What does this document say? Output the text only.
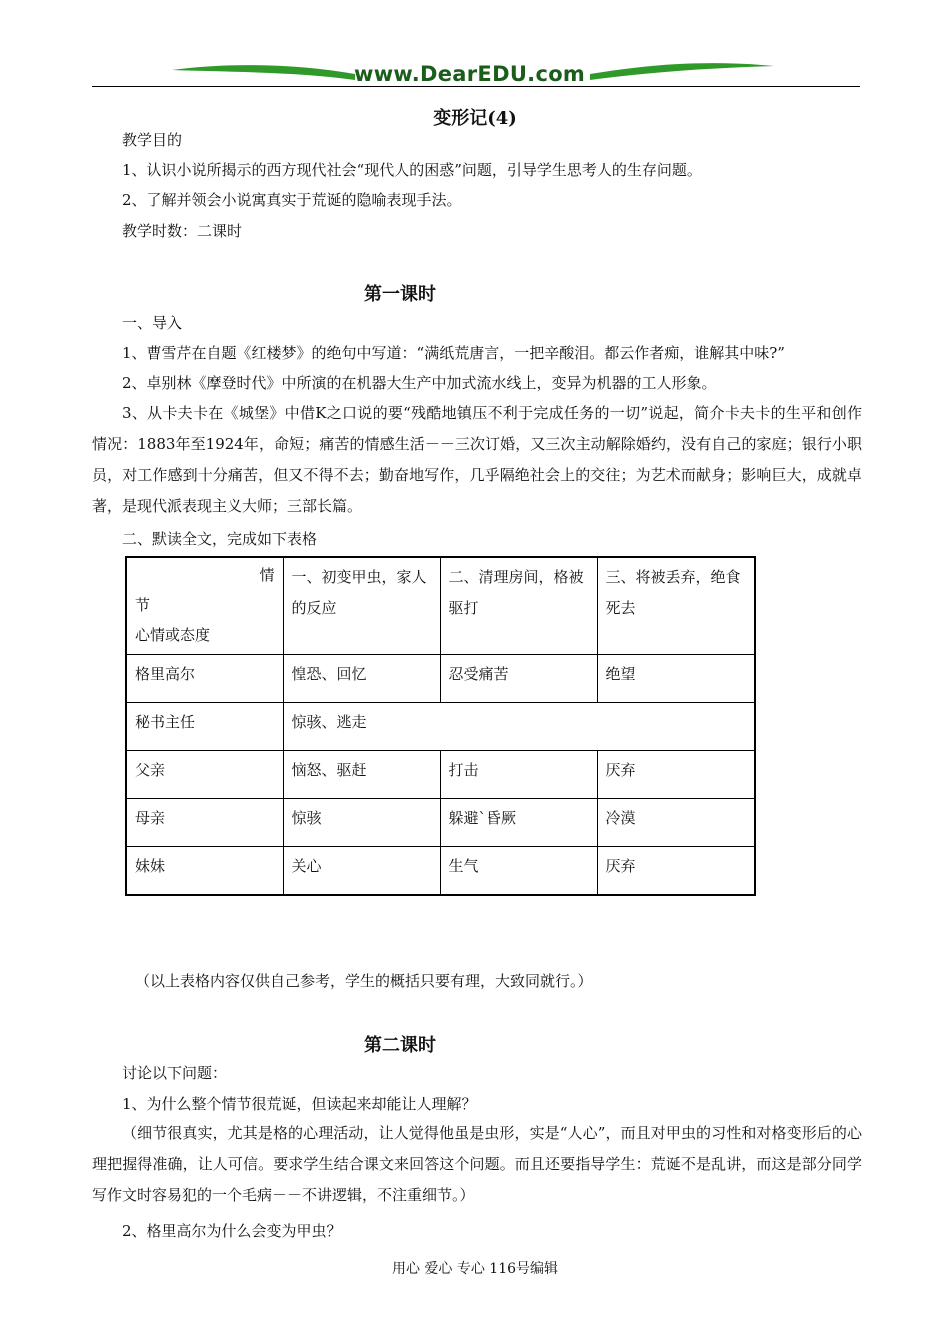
www.DearEDU.com
变形记(4)
教学目的
1、认识小说所揭示的西方现代社会“现代人的困惑”问题，引导学生思考人的生存问题。
2、了解并领会小说寓真实于荒诞的隐喻表现手法。
教学时数：二课时
第一课时
一、导入
1、曹雪芹在自题《红楼梦》的绝句中写道：“满纸荒唐言，一把辛酸泪。都云作者痴，谁解其中味?”
2、卓别林《摩登时代》中所演的在机器大生产中加式流水线上，变异为机器的工人形象。
3、从卡夫卡在《城堡》中借K之口说的要“残酷地镇压不利于完成任务的一切”说起，简介卡夫卡的生平和创作情况：1883年至1924年，命短；痛苦的情感生活－－三次订婚，又三次主动解除婚约，没有自己的家庭；银行小职员，对工作感到十分痛苦，但又不得不去；勤奋地写作，几乎隔绝社会上的交往；为艺术而献身；影响巨大，成就卓著，是现代派表现主义大师；三部长篇。
二、默读全文，完成如下表格
情
节
心情或态度	一、初变甲虫，家人的反应	二、清理房间，格被驱打	三、将被丢弃，绝食死去
格里高尔	惶恐、回忆	忍受痛苦	绝望
秘书主任	惊骇、逃走		
父亲	恼怒、驱赶	打击	厌弃
母亲	惊骇	躲避`昏厥	冷漠
妹妹	关心	生气	厌弃
（以上表格内容仅供自己参考，学生的概括只要有理，大致同就行。）
第二课时
讨论以下问题：
1、为什么整个情节很荒诞，但读起来却能让人理解？
（细节很真实，尤其是格的心理活动，让人觉得他虽是虫形，实是“人心”，而且对甲虫的习性和对格变形后的心理把握得准确，让人可信。要求学生结合课文来回答这个问题。而且还要指导学生：荒诞不是乱讲，而这是部分同学写作文时容易犯的一个毛病－－不讲逻辑，不注重细节。）
2、格里高尔为什么会变为甲虫？
用心 爱心 专心 116号编辑
